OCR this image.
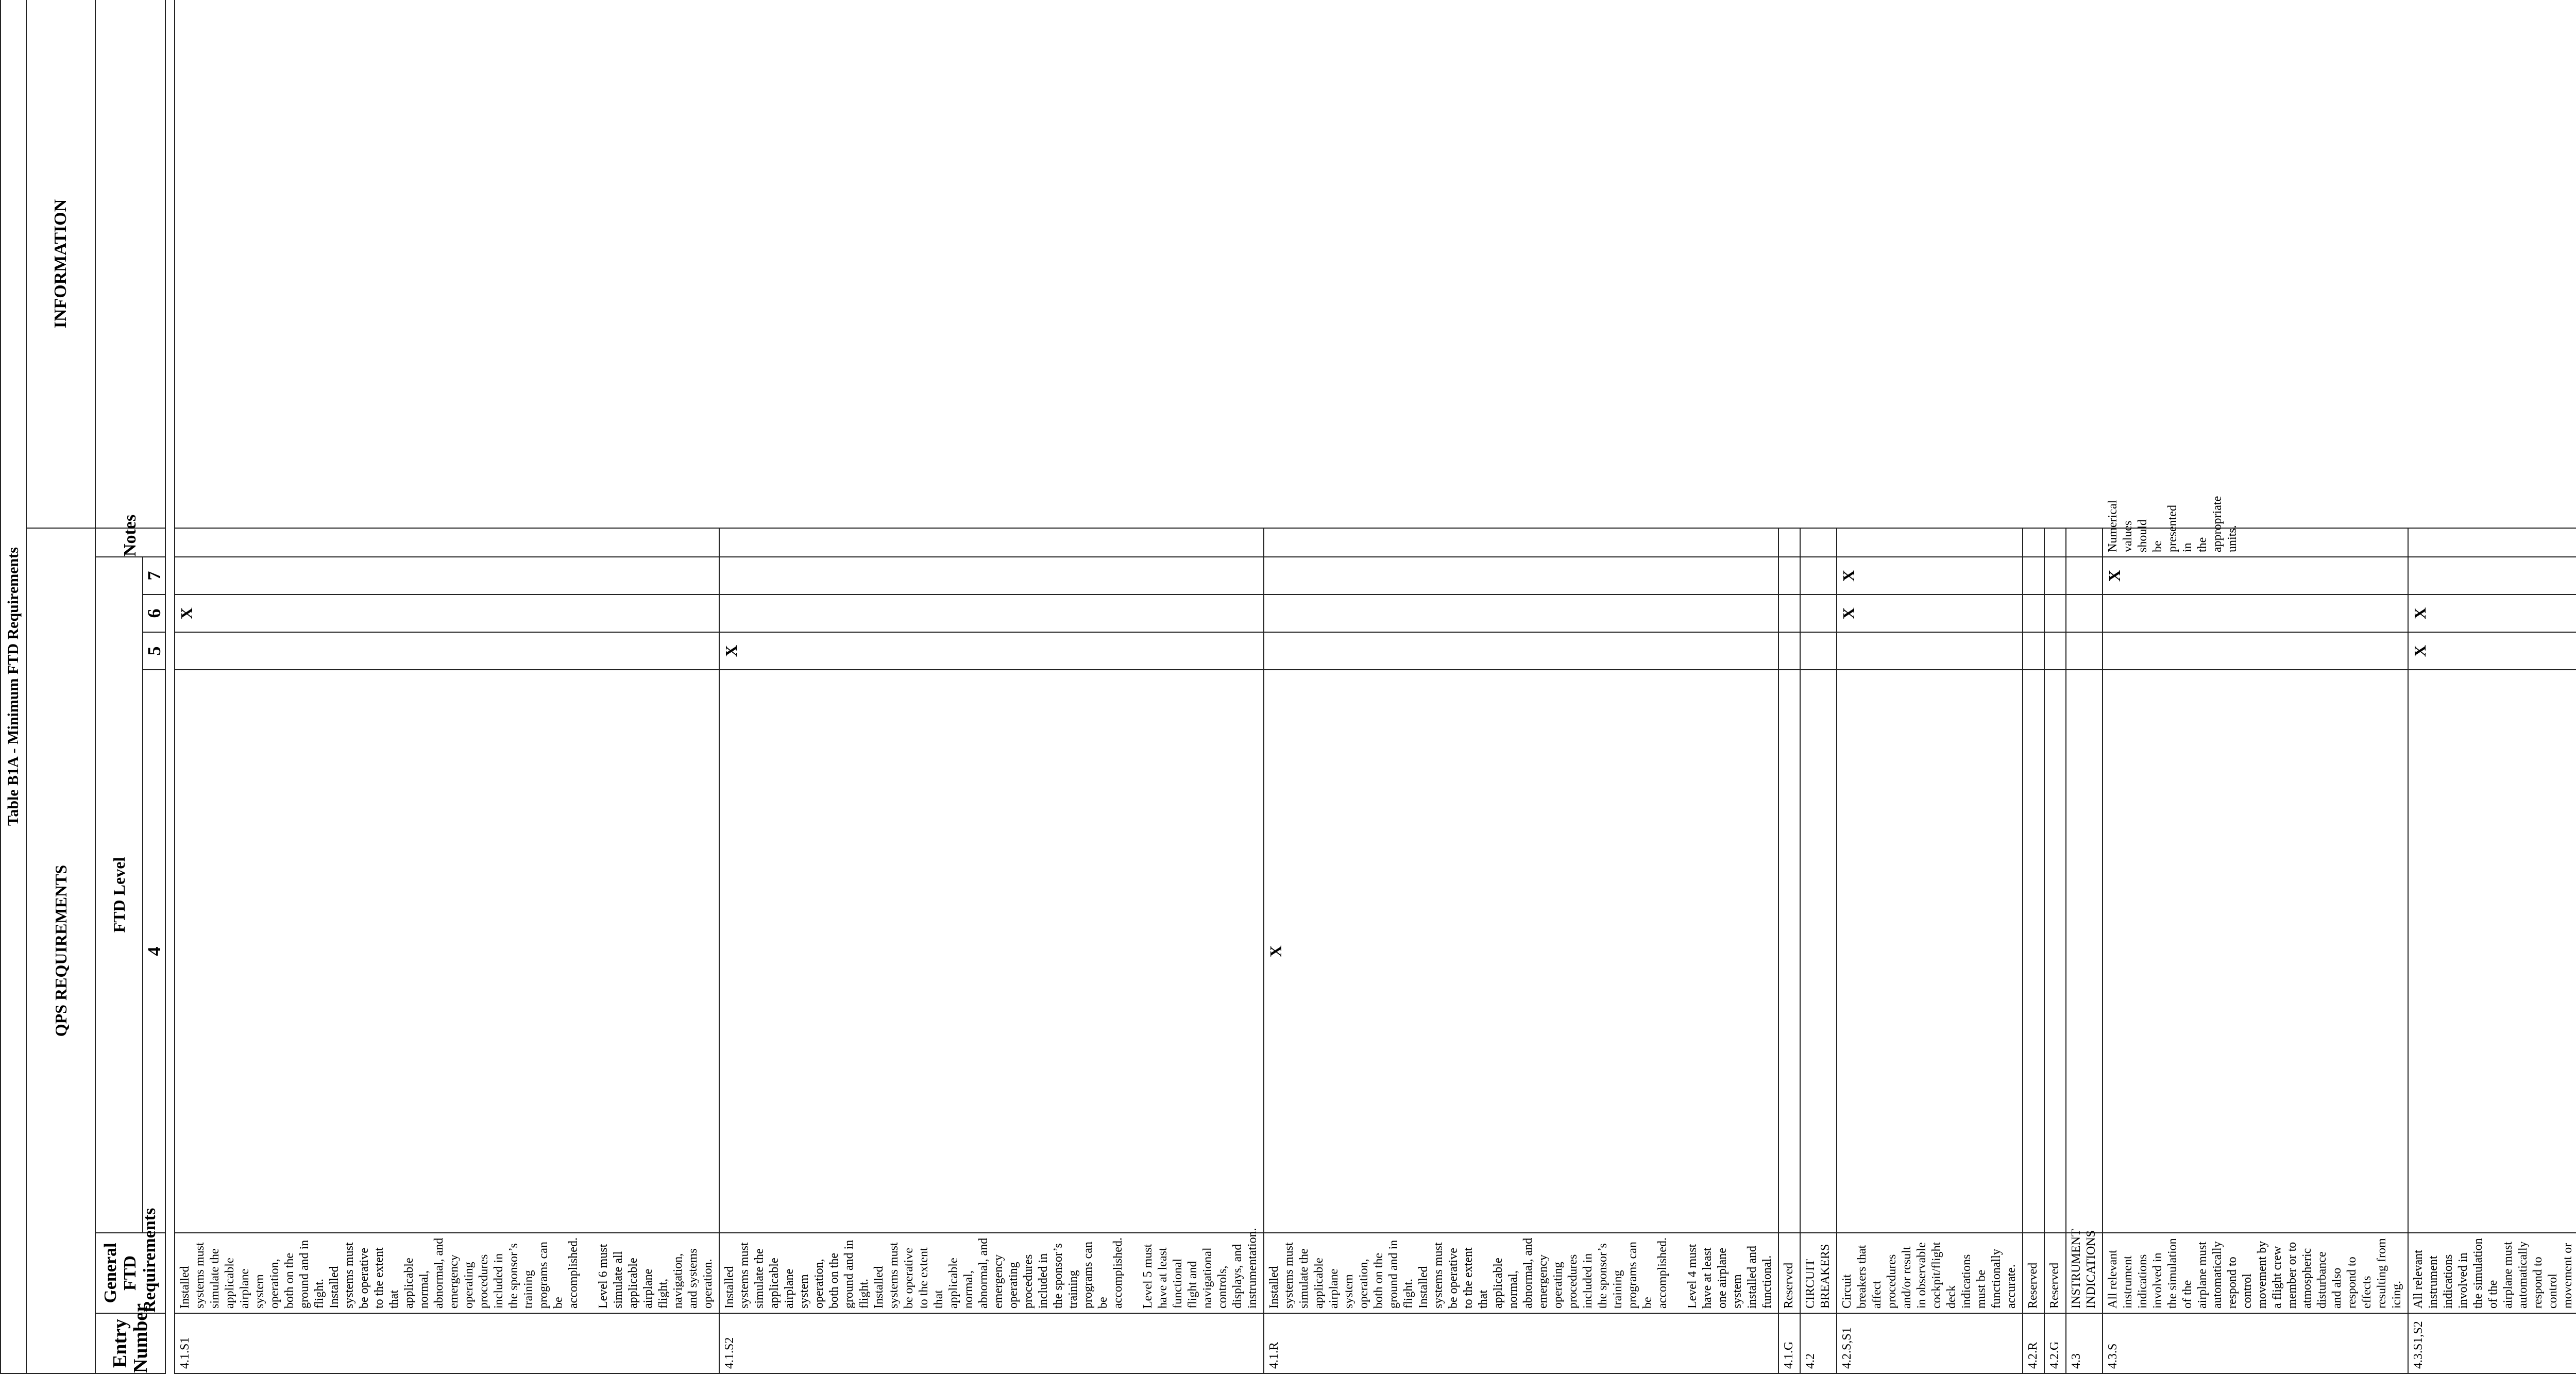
Table B1A - Minimum FTD Requirements							
QPS REQUIREMENTS							INFORMATION
Entry Number	General FTD Requirements	FTD Level				Notes	
		4	5	6	7		

4.1.S1	Installed systems must simulate the applicable airplane system operation, both on the ground and in flight. Installed systems must be operative to the extent that applicable normal, abnormal, and emergency operating procedures included in the sponsor’s training programs can be accomplished. Level 6 must simulate all applicable airplane flight, navigation, and systems operation.			X			
4.1.S2	Installed systems must simulate the applicable airplane system operation, both on the ground and in flight. Installed systems must be operative to the extent that applicable normal, abnormal, and emergency operating procedures included in the sponsor’s training programs can be accomplished. Level 5 must have at least functional flight and navigational controls, displays, and instrumentation.		X				
4.1.R	Installed systems must simulate the applicable airplane system operation, both on the ground and in flight. Installed systems must be operative to the extent that applicable normal, abnormal, and emergency operating procedures included in the sponsor’s training programs can be accomplished. Level 4 must have at least one airplane system installed and functional.	X					
4.1.G	Reserved						

4.2	CIRCUIT BREAKERS						

4.2.S,S1	Circuit breakers that affect procedures and/or result in observable cockpit/flight deck indications must be functionally accurate.			X	X		
4.2.R	Reserved						

4.2.G	Reserved						

4.3	INSTRUMENT INDICATIONS						

4.3.S	All relevant instrument indications involved in the simulation of the airplane must automatically respond to control movement by a flight crew member or to atmospheric disturbance and also respond to effects resulting from icing.				X	Numerical values should be presented in the appropriate units.	
4.3.S1,S2	All relevant instrument indications involved in the simulation of the airplane must automatically respond to control movement or		X	X			
